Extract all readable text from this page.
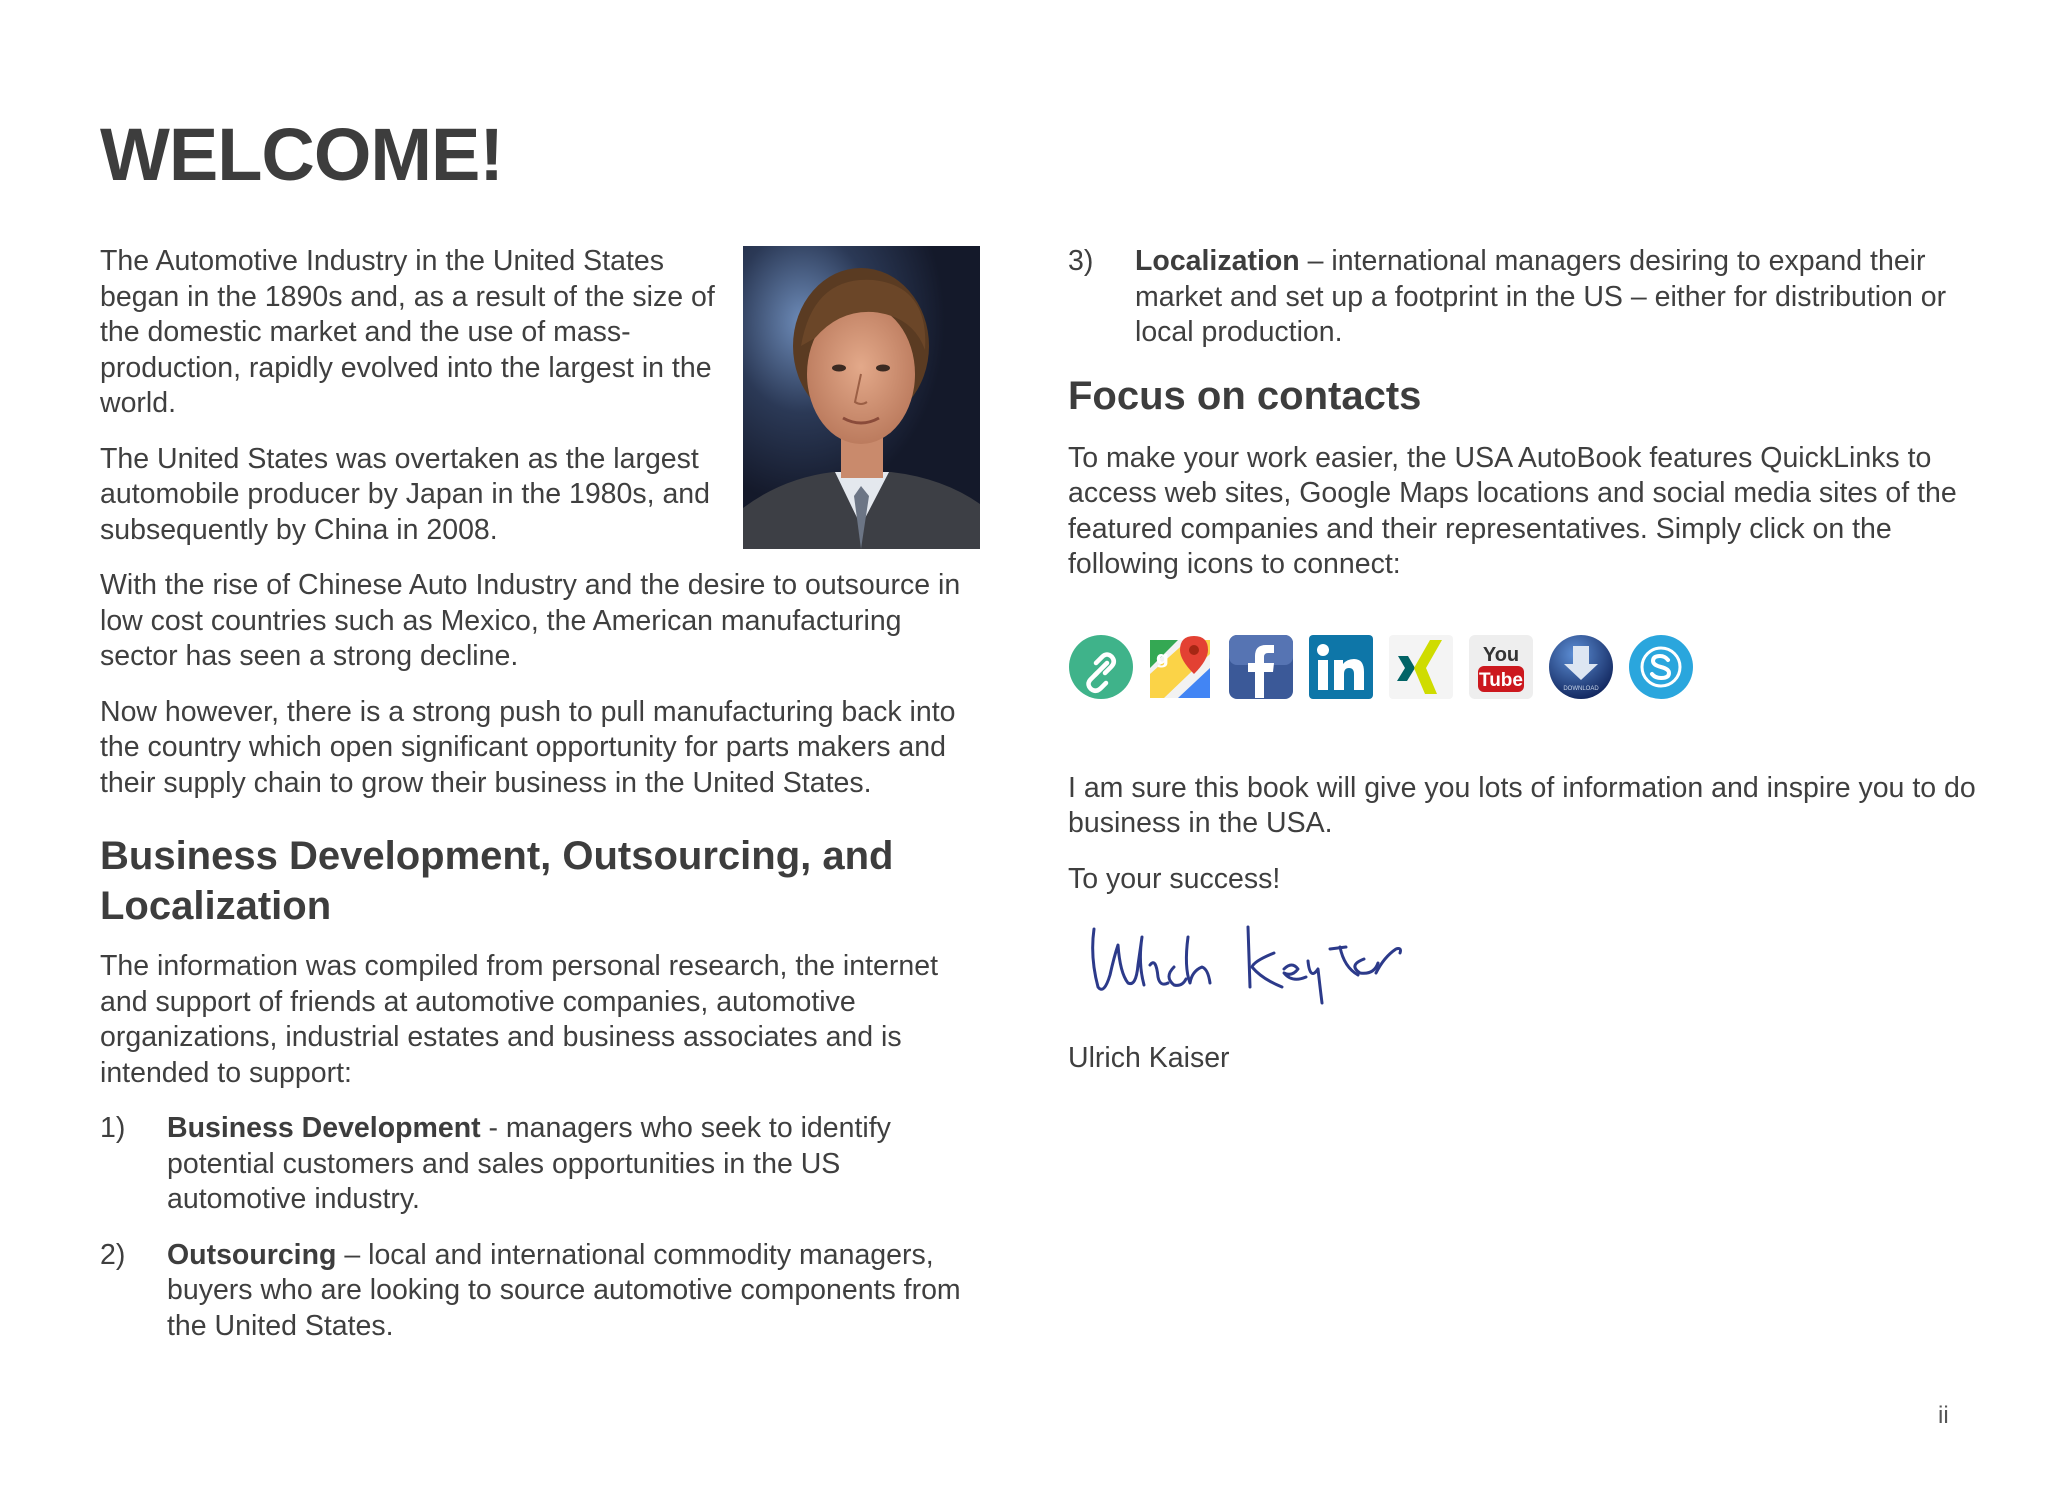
WELCOME!

The Automotive Industry in the United States began in the 1890s and, as a result of the size of the domestic market and the use of mass-production, rapidly evolved into the largest in the world.

The United States was overtaken as the largest automobile producer by Japan in the 1980s, and subsequently by China in 2008.

With the rise of Chinese Auto Industry and the desire to outsource in low cost countries such as Mexico, the American manufacturing sector has seen a strong decline.

Now however, there is a strong push to pull manufacturing back into the country which open significant opportunity for parts makers and their supply chain to grow their business in the United States.

Business Development, Outsourcing, and Localization

The information was compiled from personal research, the internet and support of friends at automotive companies, automotive organizations, industrial estates and business associates and is intended to support:

1)	Business Development - managers who seek to identify potential customers and sales opportunities in the US automotive industry.
2)	Outsourcing – local and international commodity managers, buyers who are looking to source automotive components from the United States.
3)	Localization – international managers desiring to expand their market and set up a footprint in the US – either for distribution or local production.
Focus on contacts

To make your work easier, the USA AutoBook features QuickLinks to access web sites, Google Maps locations and social media sites of the featured companies and their representatives. Simply click on the following icons to connect:

g	You
Tube	DOWNLOAD

I am sure this book will give you lots of information and inspire you to do business in the USA.

To your success!

Ulrich Kaiser

ii
